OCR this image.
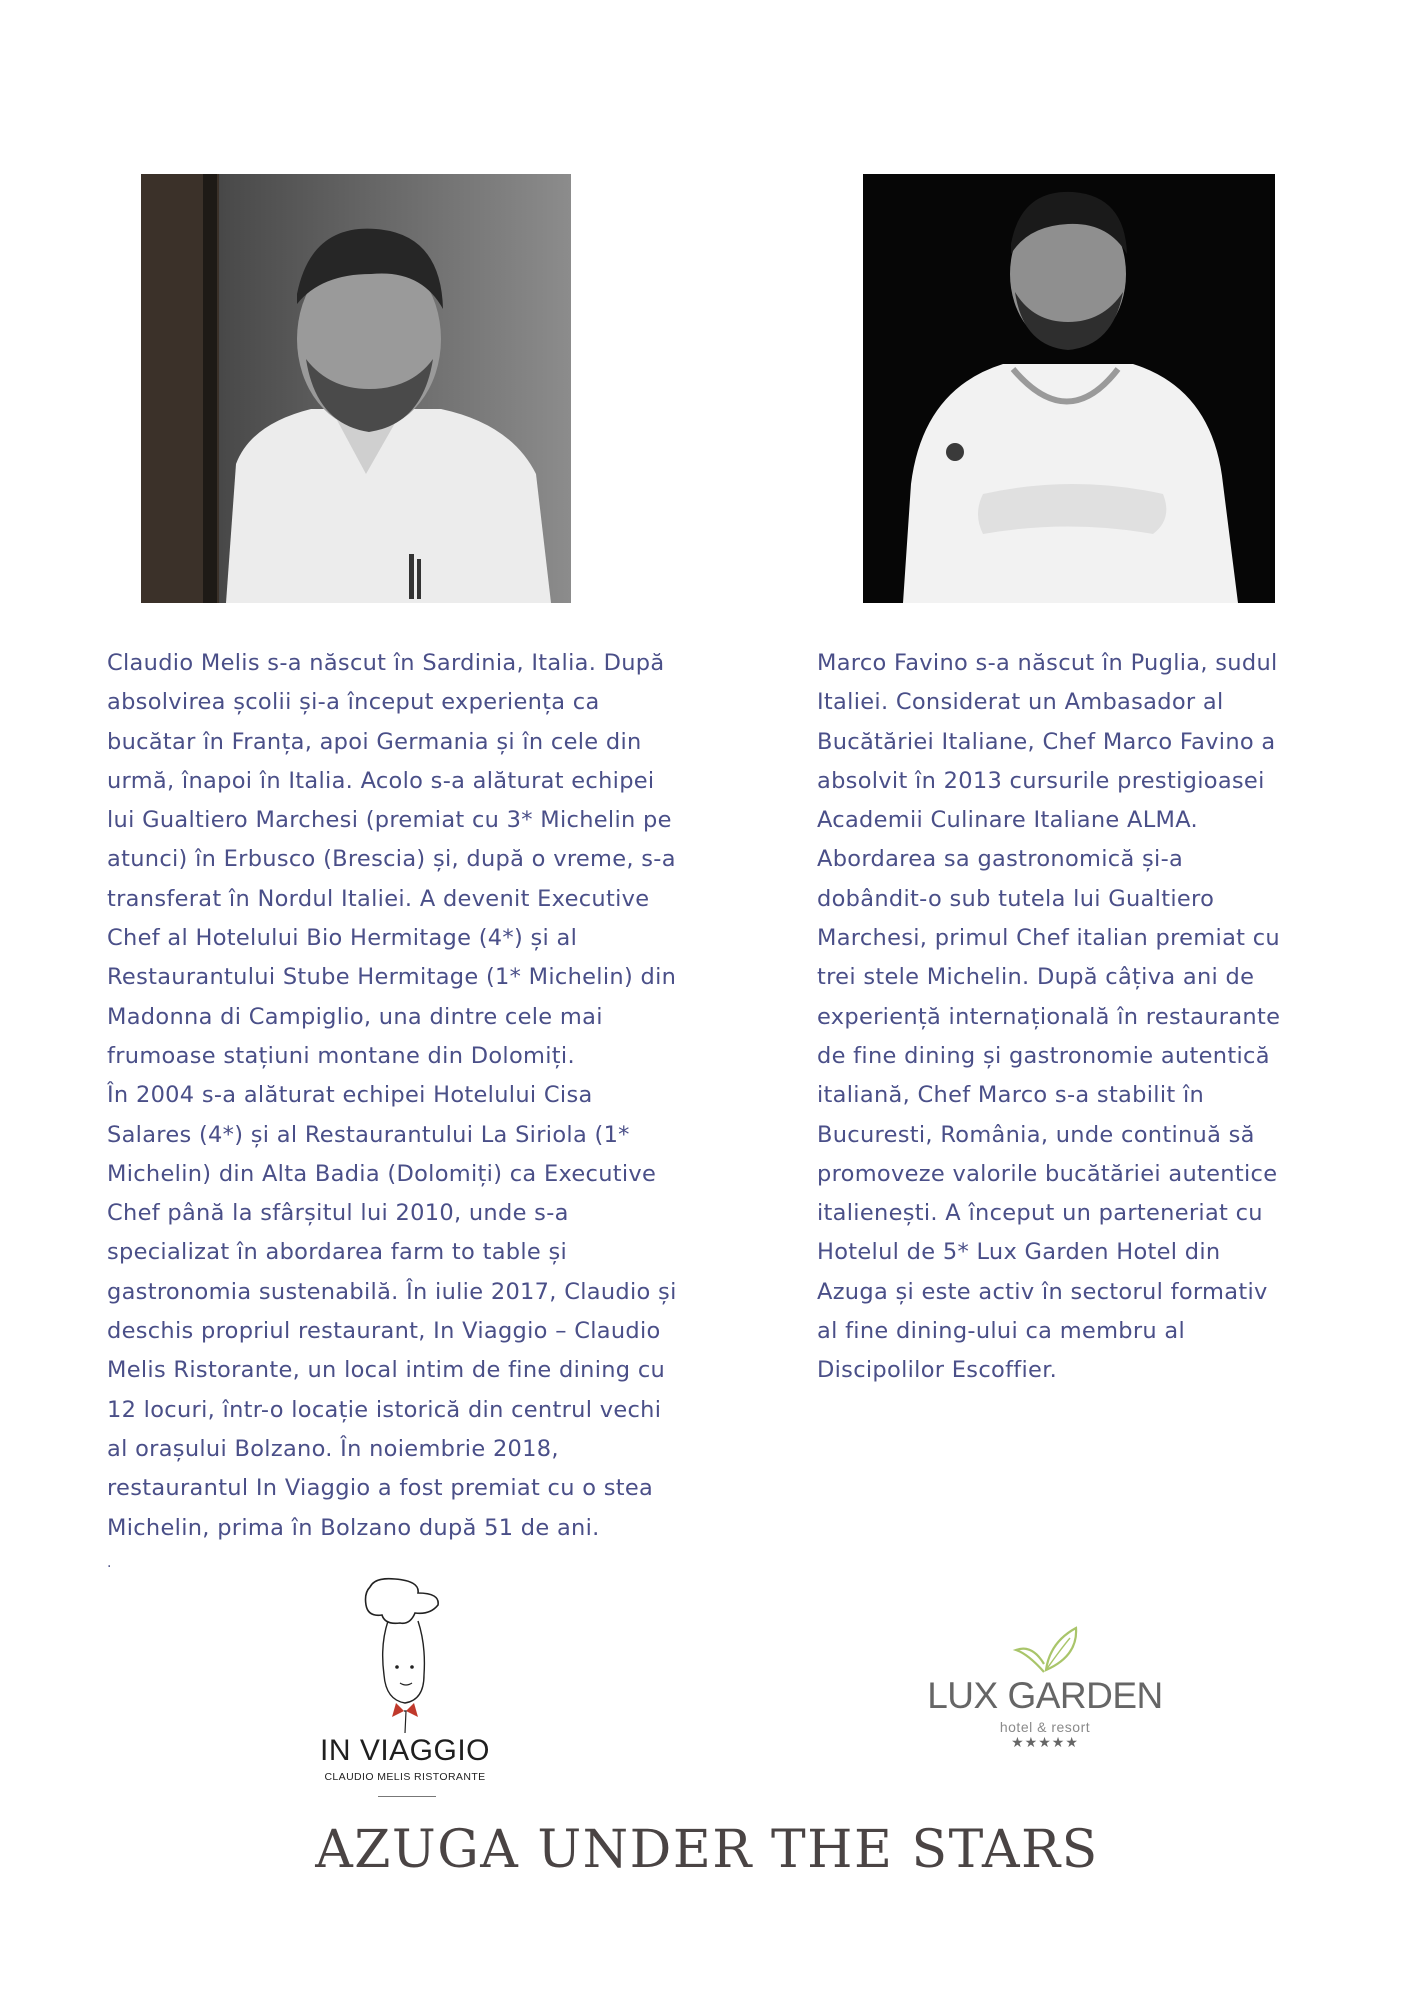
Claudio Melis s-a născut în Sardinia, Italia. După

absolvirea școlii și-a început experiența ca

bucătar în Franța, apoi Germania și în cele din

urmă, înapoi în Italia. Acolo s-a alăturat echipei

lui Gualtiero Marchesi (premiat cu 3* Michelin pe

atunci) în Erbusco (Brescia) și, după o vreme, s-a

transferat în Nordul Italiei. A devenit Executive

Chef al Hotelului Bio Hermitage (4*) și al

Restaurantului Stube Hermitage (1* Michelin) din

Madonna di Campiglio, una dintre cele mai

frumoase stațiuni montane din Dolomiți.

În 2004 s-a alăturat echipei Hotelului Cisa

Salares (4*) și al Restaurantului La Siriola (1*

Michelin) din Alta Badia (Dolomiți) ca Executive

Chef până la sfârșitul lui 2010, unde s-a

specializat în abordarea farm to table și

gastronomia sustenabilă. În iulie 2017, Claudio și

deschis propriul restaurant, In Viaggio – Claudio

Melis Ristorante, un local intim de fine dining cu

12 locuri, într-o locație istorică din centrul vechi

al orașului Bolzano. În noiembrie 2018,

restaurantul In Viaggio a fost premiat cu o stea

Michelin, prima în Bolzano după 51 de ani.

.

Marco Favino s-a născut în Puglia, sudul

Italiei. Considerat un Ambasador al

Bucătăriei Italiane, Chef Marco Favino a

absolvit în 2013 cursurile prestigioasei

Academii Culinare Italiane ALMA.

Abordarea sa gastronomică și-a

dobândit-o sub tutela lui Gualtiero

Marchesi, primul Chef italian premiat cu

trei stele Michelin. După câțiva ani de

experiență internațională în restaurante

de fine dining și gastronomie autentică

italiană, Chef Marco s-a stabilit în

Bucuresti, România, unde continuă să

promoveze valorile bucătăriei autentice

italienești. A început un parteneriat cu

Hotelul de 5* Lux Garden Hotel din

Azuga și este activ în sectorul formativ

al fine dining-ului ca membru al

Discipolilor Escoffier.

IN VIAGGIO
CLAUDIO MELIS RISTORANTE
LUX GARDEN
hotel & resort
★★★★★
AZUGA UNDER THE STARS
